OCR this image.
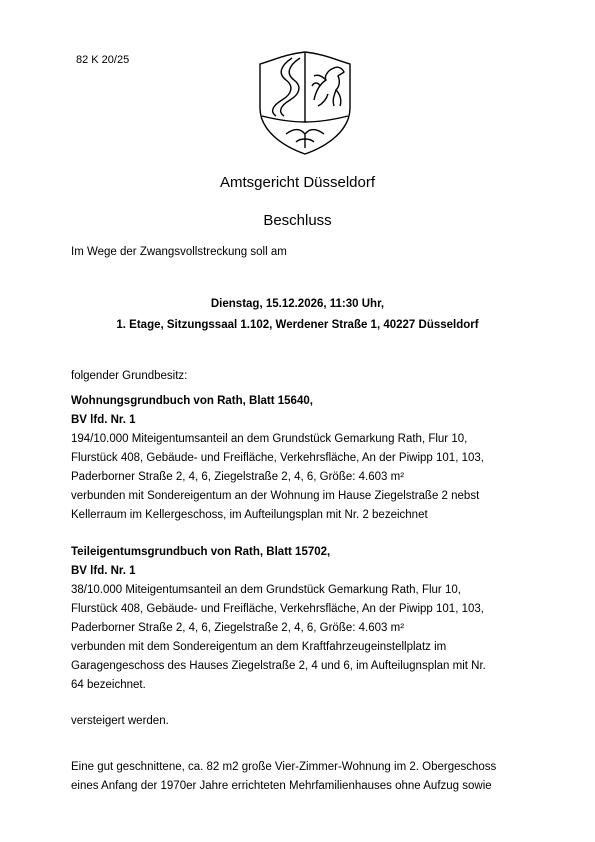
82 K 20/25
Amtsgericht Düsseldorf
Beschluss
Im Wege der Zwangsvollstreckung soll am
Dienstag, 15.12.2026, 11:30 Uhr,
1. Etage, Sitzungssaal 1.102, Werdener Straße 1, 40227 Düsseldorf
folgender Grundbesitz:
Wohnungsgrundbuch von Rath, Blatt 15640,
BV lfd. Nr. 1
194/10.000 Miteigentumsanteil an dem Grundstück Gemarkung Rath, Flur 10,
Flurstück 408, Gebäude- und Freifläche, Verkehrsfläche, An der Piwipp 101, 103,
Paderborner Straße 2, 4, 6, Ziegelstraße 2, 4, 6, Größe: 4.603 m²
verbunden mit Sondereigentum an der Wohnung im Hause Ziegelstraße 2 nebst
Kellerraum im Kellergeschoss, im Aufteilungsplan mit Nr. 2 bezeichnet
Teileigentumsgrundbuch von Rath, Blatt 15702,
BV lfd. Nr. 1
38/10.000 Miteigentumsanteil an dem Grundstück Gemarkung Rath, Flur 10,
Flurstück 408, Gebäude- und Freifläche, Verkehrsfläche, An der Piwipp 101, 103,
Paderborner Straße 2, 4, 6, Ziegelstraße 2, 4, 6, Größe: 4.603 m²
verbunden mit dem Sondereigentum an dem Kraftfahrzeugeinstellplatz im
Garagengeschoss des Hauses Ziegelstraße 2, 4 und 6, im Aufteilugnsplan mit Nr.
64 bezeichnet.
versteigert werden.
Eine gut geschnittene, ca. 82 m2 große Vier-Zimmer-Wohnung im 2. Obergeschoss
eines Anfang der 1970er Jahre errichteten Mehrfamilienhauses ohne Aufzug sowie
